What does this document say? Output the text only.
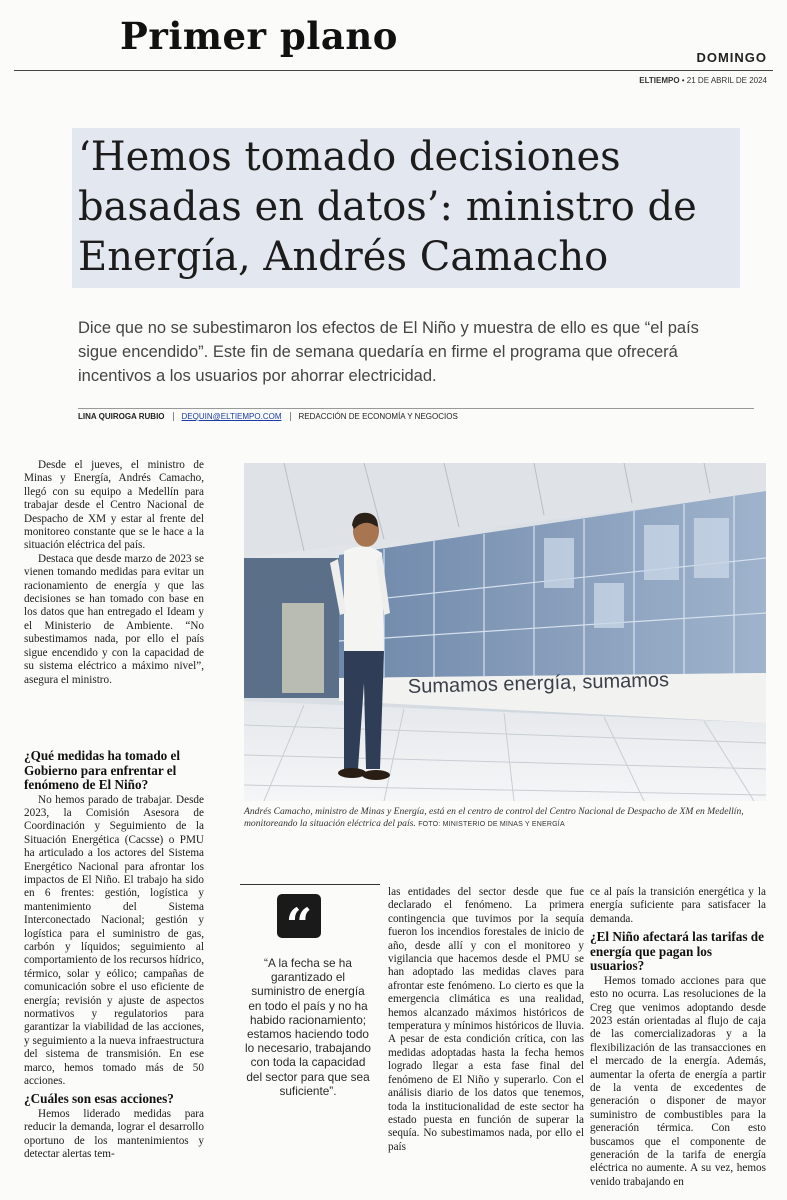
Primer plano	DOMINGO
ELTIEMPO • 21 DE ABRIL DE 2024
‘Hemos tomado decisiones basadas en datos’: ministro de Energía, Andrés Camacho
Dice que no se subestimaron los efectos de El Niño y muestra de ello es que “el país sigue encendido”. Este fin de semana quedaría en firme el programa que ofrecerá incentivos a los usuarios por ahorrar electricidad.
LINA QUIROGA RUBIO	DEQUIN@ELTIEMPO.COM	REDACCIÓN DE ECONOMÍA Y NEGOCIOS

Desde el jueves, el ministro de Minas y Energía, Andrés Camacho, llegó con su equipo a Medellín para trabajar desde el Centro Nacional de Despacho de XM y estar al frente del monitoreo constante que se le hace a la situación eléctrica del país.

Destaca que desde marzo de 2023 se vienen tomando medidas para evitar un racionamiento de energía y que las decisiones se han tomado con base en los datos que han entregado el Ideam y el Ministerio de Ambiente. “No subestimamos nada, por ello el país sigue encendido y con la capacidad de su sistema eléctrico a máximo nivel”, asegura el ministro.

¿Qué medidas ha tomado el Gobierno para enfrentar el fenómeno de El Niño?

No hemos parado de trabajar. Desde 2023, la Comisión Asesora de Coordinación y Seguimiento de la Situación Energética (Cacsse) o PMU ha articulado a los actores del Sistema Energético Nacional para afrontar los impactos de El Niño. El trabajo ha sido en 6 frentes: gestión, logística y mantenimiento del Sistema Interconectado Nacional; gestión y logística para el suministro de gas, carbón y líquidos; seguimiento al comportamiento de los recursos hídrico, térmico, solar y eólico; campañas de comunicación sobre el uso eficiente de energía; revisión y ajuste de aspectos normativos y regulatorios para garantizar la viabilidad de las acciones, y seguimiento a la nueva infraestructura del sistema de transmisión. En ese marco, hemos tomado más de 50 acciones.

¿Cuáles son esas acciones?

Hemos liderado medidas para reducir la demanda, lograr el desarrollo oportuno de los mantenimientos y detectar alertas tem-

Sumamos energía, sumamos
Andrés Camacho, ministro de Minas y Energía, está en el centro de control del Centro Nacional de Despacho de XM en Medellín, monitoreando la situación eléctrica del país. FOTO: MINISTERIO DE MINAS Y ENERGÍA
“
“A la fecha se ha garantizado el suministro de energía en todo el país y no ha habido racionamiento; estamos haciendo todo lo necesario, trabajando con toda la capacidad del sector para que sea suficiente”.

las entidades del sector desde que fue declarado el fenómeno. La primera contingencia que tuvimos por la sequía fueron los incendios forestales de inicio de año, desde allí y con el monitoreo y vigilancia que hacemos desde el PMU se han adoptado las medidas claves para afrontar este fenómeno. Lo cierto es que la emergencia climática es una realidad, hemos alcanzado máximos históricos de temperatura y mínimos históricos de lluvia. A pesar de esta condición crítica, con las medidas adoptadas hasta la fecha hemos logrado llegar a esta fase final del fenómeno de El Niño y superarlo. Con el análisis diario de los datos que tenemos, toda la institucionalidad de este sector ha estado puesta en función de superar la sequía. No subestimamos nada, por ello el país

ce al país la transición energética y la energía suficiente para satisfacer la demanda.

¿El Niño afectará las tarifas de energía que pagan los usuarios?

Hemos tomado acciones para que esto no ocurra. Las resoluciones de la Creg que venimos adoptando desde 2023 están orientadas al flujo de caja de las comercializadoras y a la flexibilización de las transacciones en el mercado de la energía. Además, aumentar la oferta de energía a partir de la venta de excedentes de generación o disponer de mayor suministro de combustibles para la generación térmica. Con esto buscamos que el componente de generación de la tarifa de energía eléctrica no aumente. A su vez, hemos venido trabajando en
